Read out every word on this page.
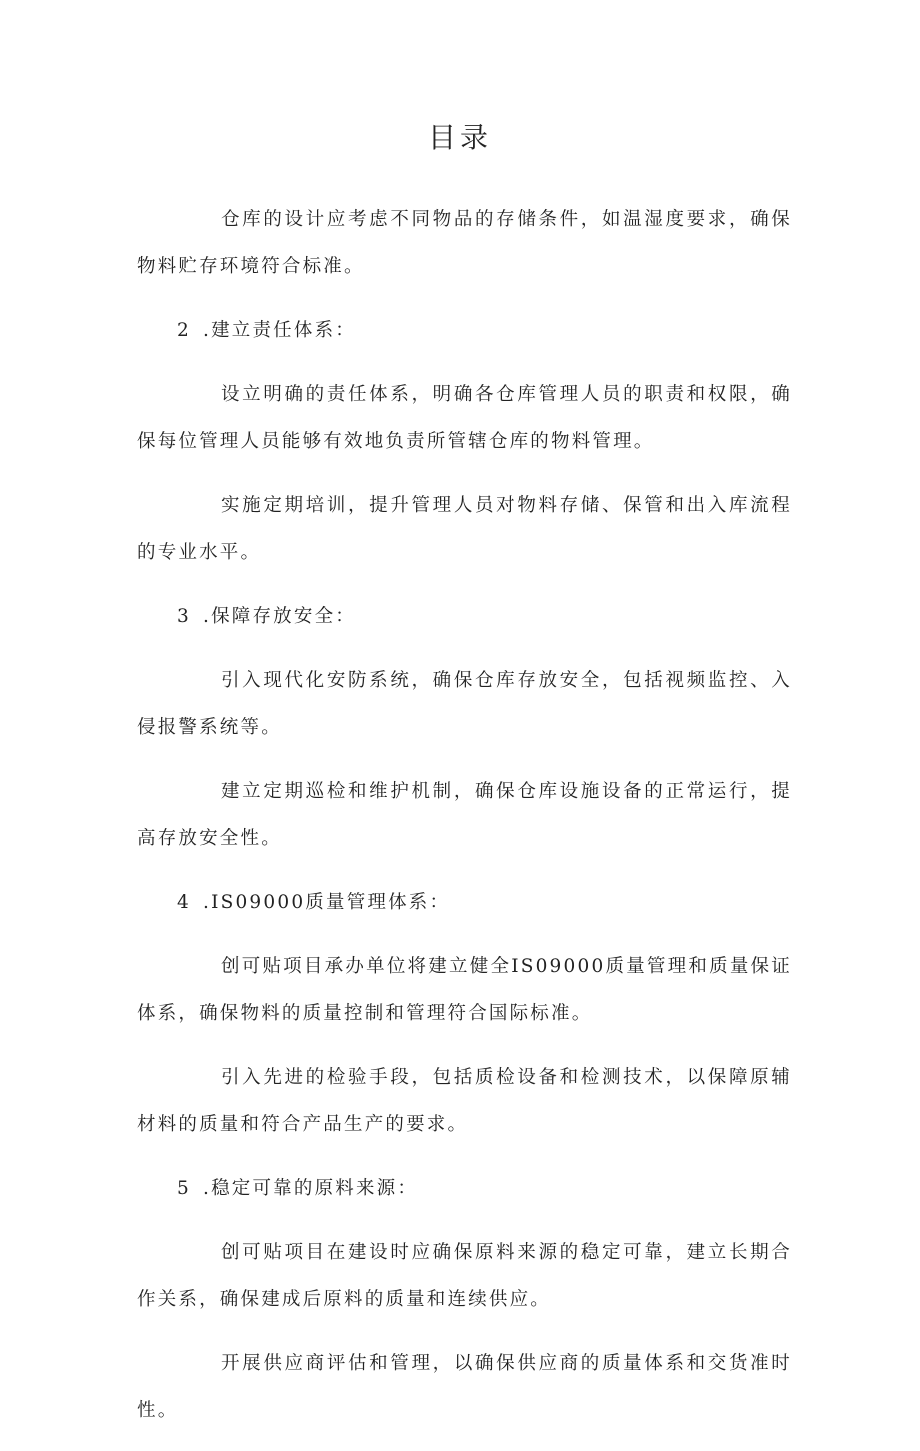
目录

仓库的设计应考虑不同物品的存储条件，如温湿度要求，确保物料贮存环境符合标准。

2 .建立责任体系：

设立明确的责任体系，明确各仓库管理人员的职责和权限，确保每位管理人员能够有效地负责所管辖仓库的物料管理。

实施定期培训，提升管理人员对物料存储、保管和出入库流程的专业水平。

3 .保障存放安全：

引入现代化安防系统，确保仓库存放安全，包括视频监控、入侵报警系统等。

建立定期巡检和维护机制，确保仓库设施设备的正常运行，提高存放安全性。

4 .IS09000质量管理体系：

创可贴项目承办单位将建立健全IS09000质量管理和质量保证体系，确保物料的质量控制和管理符合国际标准。

引入先进的检验手段，包括质检设备和检测技术，以保障原辅材料的质量和符合产品生产的要求。

5 .稳定可靠的原料来源：

创可贴项目在建设时应确保原料来源的稳定可靠，建立长期合作关系，确保建成后原料的质量和连续供应。

开展供应商评估和管理，以确保供应商的质量体系和交货准时性。
